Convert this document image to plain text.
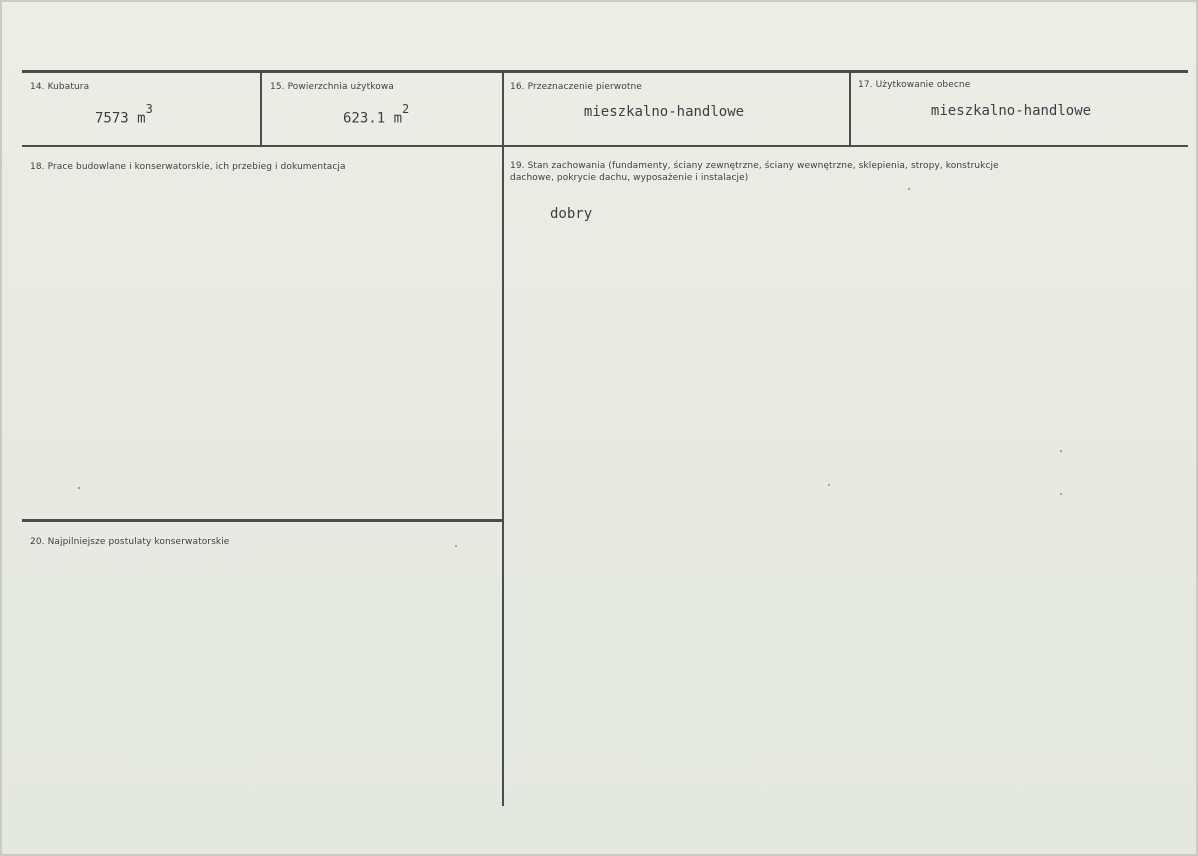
14. Kubatura
7573 $m^3$
15. Powierzchnia użytkowa
623.1 $m^2$
16. Przeznaczenie pierwotne
mieszkalno-handlowe
17. Użytkowanie obecne
mieszkalno-handlowe
18. Prace budowlane i konserwatorskie, ich przebieg i dokumentacja	19. Stan zachowania (fundamenty, ściany zewnętrzne, ściany wewnętrzne, sklepienia, stropy, konstrukcje dachowe, pokrycie dachu, wyposażenie i instalacje)
dobry
20. Najpilniejsze postulaty konserwatorskie
